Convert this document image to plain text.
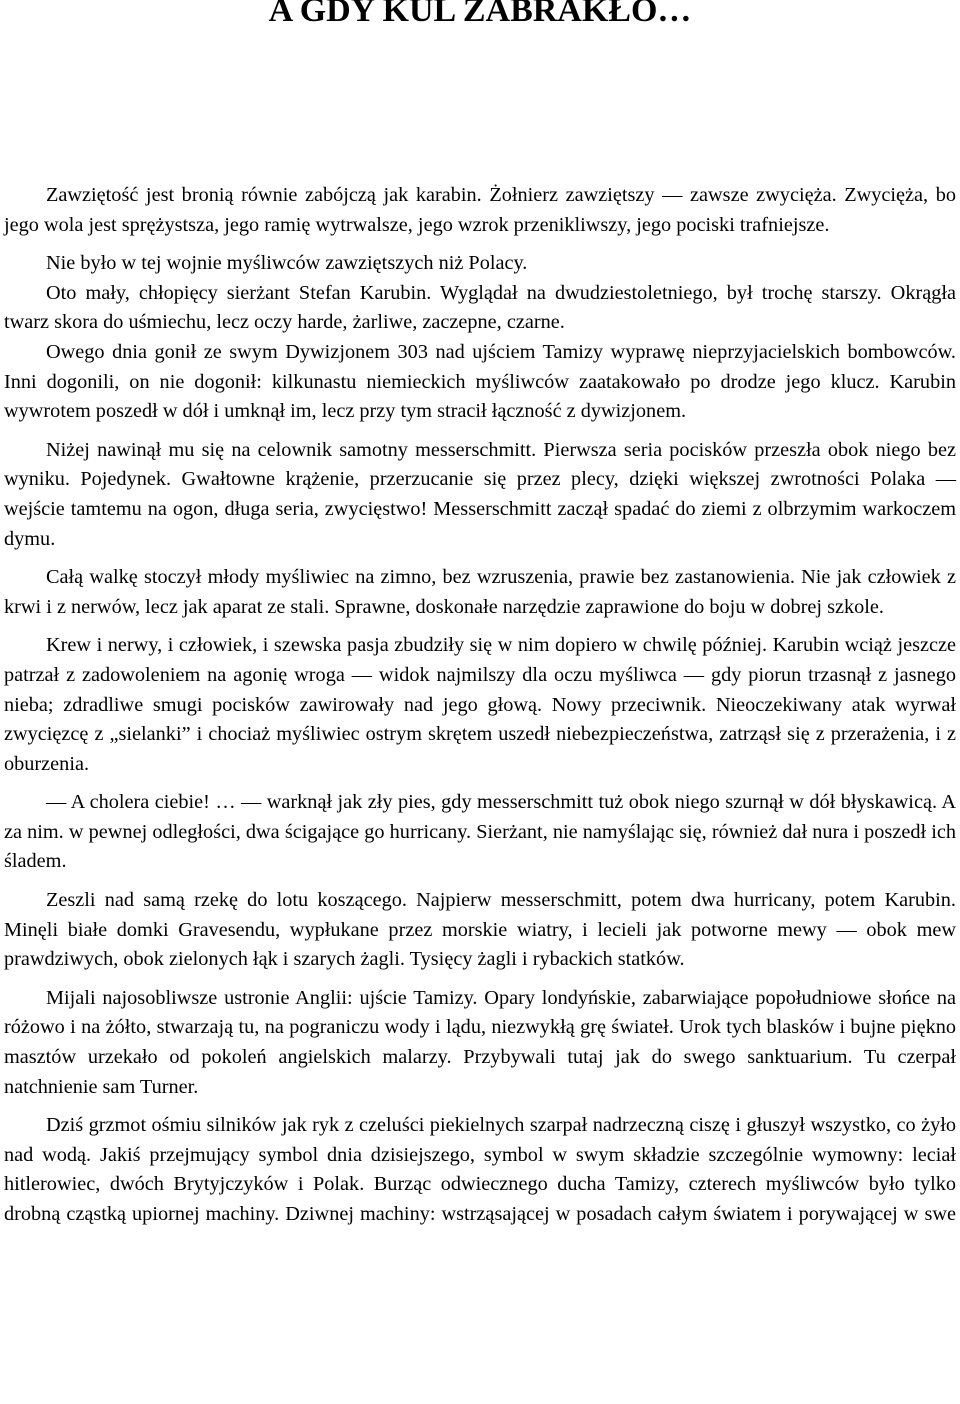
A GDY KUL ZABRAKŁO…

Zawziętość jest bronią równie zabójczą jak karabin. Żołnierz zawziętszy — zawsze zwycięża. Zwycięża, bo jego wola jest sprężystsza, jego ramię wytrwalsze, jego wzrok przenikliwszy, jego pociski trafniejsze.

Nie było w tej wojnie myśliwców zawziętszych niż Polacy.

Oto mały, chłopięcy sierżant Stefan Karubin. Wyglądał na dwudziestoletniego, był trochę starszy. Okrągła twarz skora do uśmiechu, lecz oczy harde, żarliwe, zaczepne, czarne.

Owego dnia gonił ze swym Dywizjonem 303 nad ujściem Tamizy wyprawę nieprzyjacielskich bombowców. Inni dogonili, on nie dogonił: kilkunastu niemieckich myśliwców zaatakowało po drodze jego klucz. Karubin wywrotem poszedł w dół i umknął im, lecz przy tym stracił łączność z dywizjonem.

Niżej nawinął mu się na celownik samotny messerschmitt. Pierwsza seria pocisków przeszła obok niego bez wyniku. Pojedynek. Gwałtowne krążenie, przerzucanie się przez plecy, dzięki większej zwrotności Polaka — wejście tamtemu na ogon, długa seria, zwycięstwo! Messerschmitt zaczął spadać do ziemi z olbrzymim warkoczem dymu.

Całą walkę stoczył młody myśliwiec na zimno, bez wzruszenia, prawie bez zastanowienia. Nie jak człowiek z krwi i z nerwów, lecz jak aparat ze stali. Sprawne, doskonałe narzędzie zaprawione do boju w dobrej szkole.

Krew i nerwy, i człowiek, i szewska pasja zbudziły się w nim dopiero w chwilę później. Karubin wciąż jeszcze patrzał z zadowoleniem na agonię wroga — widok najmilszy dla oczu myśliwca — gdy piorun trzasnął z jasnego nieba; zdradliwe smugi pocisków zawirowały nad jego głową. Nowy przeciwnik. Nieoczekiwany atak wyrwał zwycięzcę z „sielanki” i chociaż myśliwiec ostrym skrętem uszedł niebezpieczeństwa, zatrząsł się z przerażenia, i z oburzenia.

— A cholera ciebie! … — warknął jak zły pies, gdy messerschmitt tuż obok niego szurnął w dół błyskawicą. A za nim. w pewnej odległości, dwa ścigające go hurricany. Sierżant, nie namyślając się, również dał nura i poszedł ich śladem.

Zeszli nad samą rzekę do lotu koszącego. Najpierw messerschmitt, potem dwa hurricany, potem Karubin. Minęli białe domki Gravesendu, wypłukane przez morskie wiatry, i lecieli jak potworne mewy — obok mew prawdziwych, obok zielonych łąk i szarych żagli. Tysięcy żagli i rybackich statków.

Mijali najosobliwsze ustronie Anglii: ujście Tamizy. Opary londyńskie, zabarwiające popołudniowe słońce na różowo i na żółto, stwarzają tu, na pograniczu wody i lądu, niezwykłą grę świateł. Urok tych blasków i bujne piękno masztów urzekało od pokoleń angielskich malarzy. Przybywali tutaj jak do swego sanktuarium. Tu czerpał natchnienie sam Turner.

Dziś grzmot ośmiu silników jak ryk z czeluści piekielnych szarpał nadrzeczną ciszę i głuszył wszystko, co żyło nad wodą. Jakiś przejmujący symbol dnia dzisiejszego, symbol w swym składzie szczególnie wymowny: leciał hitlerowiec, dwóch Brytyjczyków i Polak. Burząc odwiecznego ducha Tamizy, czterech myśliwców było tylko drobną cząstką upiornej machiny. Dziwnej machiny: wstrząsającej w posadach całym światem i porywającej w swe
